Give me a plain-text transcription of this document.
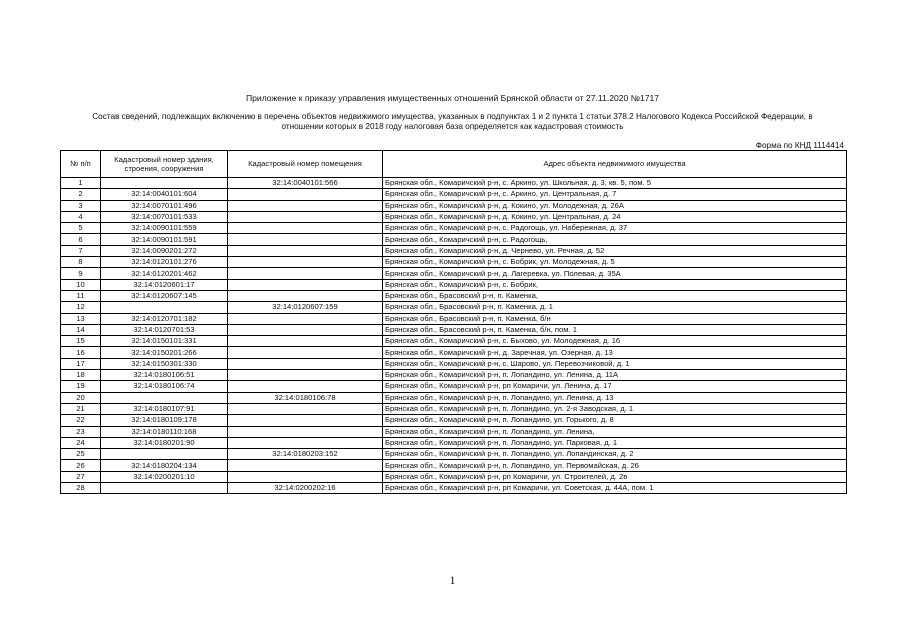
Приложение к приказу управления имущественных отношений Брянской области от 27.11.2020 №1717
Состав сведений, подлежащих включению в перечень объектов недвижимого имущества, указанных в подпунктах 1 и 2 пункта 1 статьи 378.2 Налогового Кодекса Российской Федерации, в
отношении которых в 2018 году налоговая база определяется как кадастровая стоимость
Форма по КНД 1114414
№ п/п	Кадастровый номер здания, строения, сооружения	Кадастровый номер помещения	Адрес объекта недвижимого имущества
1		32:14:0040101:566	Брянская обл., Комаричский р-н, с. Аркино, ул. Школьная, д. 3, кв. 5, пом. 5
2	32:14:0040101:604		Брянская обл., Комаричский р-н, с. Аркино, ул. Центральная, д. 7
3	32:14:0070101:496		Брянская обл., Комаричский р-н, д. Кокино, ул. Молодежная, д. 26А
4	32:14:0070101:533		Брянская обл., Комаричский р-н, д. Кокино, ул. Центральная, д. 24
5	32:14:0090101:559		Брянская обл., Комаричский р-н, с. Радогощь, ул. Набережная, д. 37
6	32:14:0090101:591		Брянская обл., Комаричский р-н, с. Радогощь,
7	32:14:0090201:272		Брянская обл., Комаричский р-н, д. Чернево, ул. Речная, д. 52
8	32:14:0120101:276		Брянская обл., Комаричский р-н, с. Бобрик, ул. Молодежная, д. 5
9	32:14:0120201:462		Брянская обл., Комаричский р-н, д. Лагеревка, ул. Полевая, д. 35А
10	32:14:0120601:17		Брянская обл., Комаричский р-н, с. Бобрик,
11	32:14:0120607:145		Брянская обл., Брасовский р-н, п. Каменка,
12		32:14:0120607:159	Брянская обл., Брасовский р-н, п. Каменка, д. 1
13	32:14:0120701:182		Брянская обл., Брасовский р-н, п. Каменка, б/н
14	32:14:0120701:53		Брянская обл., Брасовский р-н, п. Каменка, б/н, пом. 1
15	32:14:0150101:331		Брянская обл., Комаричский р-н, с. Быхово, ул. Молодежная, д. 16
16	32:14:0150201:266		Брянская обл., Комаричский р-н, д. Заречная, ул. Озерная, д. 13
17	32:14:0150301:330		Брянская обл., Комаричский р-н, с. Шарово, ул. Перевозчиковой, д. 1
18	32:14:0180106:51		Брянская обл., Комаричский р-н, п. Лопандино, ул. Ленина, д. 11А
19	32:14:0180106:74		Брянская обл., Комаричский р-н, рп Комаричи, ул. Ленина, д. 17
20		32:14:0180106:78	Брянская обл., Комаричский р-н, п. Лопандино, ул. Ленина, д. 13
21	32:14:0180107:91		Брянская обл., Комаричский р-н, п. Лопандино, ул. 2-я Заводская, д. 1
22	32:14:0180109:178		Брянская обл., Комаричский р-н, п. Лопандино, ул. Горького, д. 8
23	32:14:0180110:168		Брянская обл., Комаричский р-н, п. Лопандино, ул. Ленина,
24	32:14:0180201:90		Брянская обл., Комаричский р-н, п. Лопандино, ул. Парковая, д. 1
25		32:14:0180203:152	Брянская обл., Комаричский р-н, п. Лопандино, ул. Лопандинская, д. 2
26	32:14:0180204:134		Брянская обл., Комаричский р-н, п. Лопандино, ул. Первомайская, д. 26
27	32:14:0200201:10		Брянская обл., Комаричский р-н, рп Комаричи, ул. Строителей, д. 2в
28		32:14:0200202:16	Брянская обл., Комаричский р-н, рп Комаричи, ул. Советская, д. 44А, пом. 1
1
